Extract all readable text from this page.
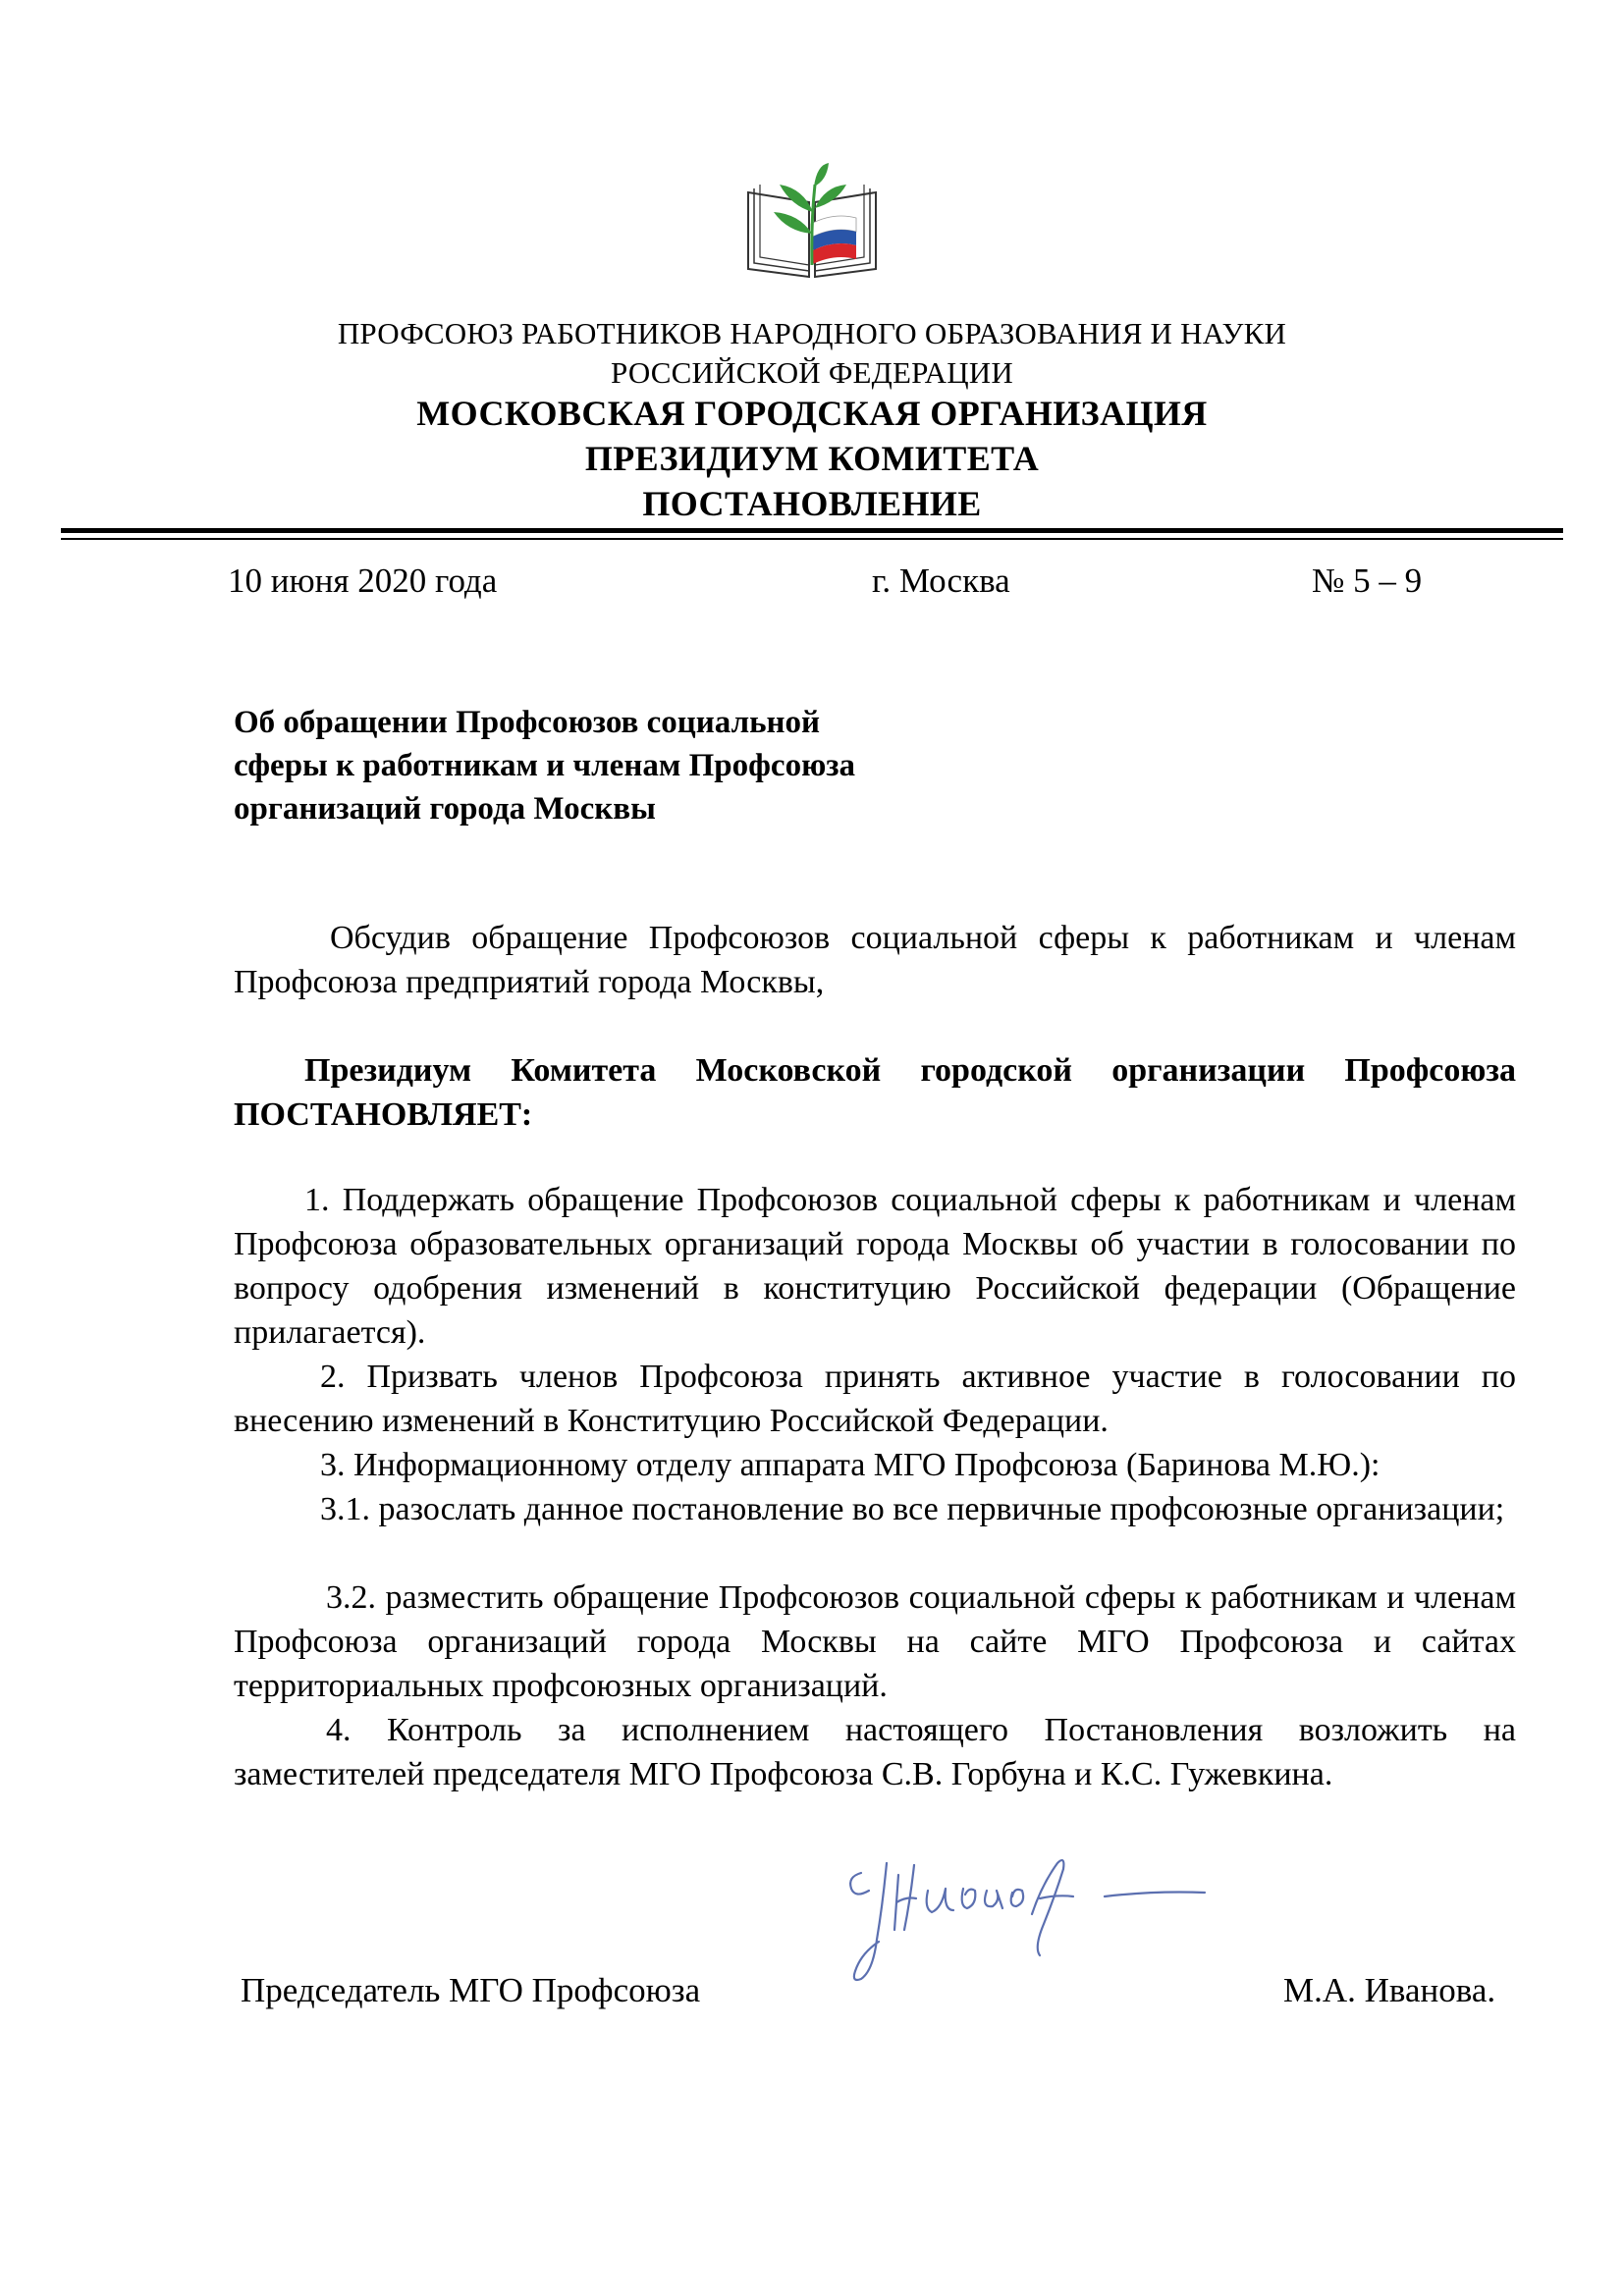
ПРОФСОЮЗ РАБОТНИКОВ НАРОДНОГО ОБРАЗОВАНИЯ И НАУКИ
РОССИЙСКОЙ ФЕДЕРАЦИИ
МОСКОВСКАЯ ГОРОДСКАЯ ОРГАНИЗАЦИЯ
ПРЕЗИДИУМ КОМИТЕТА
ПОСТАНОВЛЕНИЕ
10 июня 2020 года	г. Москва	№ 5 – 9
Об обращении Профсоюзов социальной
сферы к работникам и членам Профсоюза
организаций города Москвы
Обсудив обращение Профсоюзов социальной сферы к работникам и членам Профсоюза предприятий города Москвы,
Президиум Комитета Московской городской организации Профсоюза ПОСТАНОВЛЯЕТ:
1. Поддержать обращение Профсоюзов социальной сферы к работникам и членам Профсоюза образовательных организаций города Москвы об участии в голосовании по вопросу одобрения изменений в конституцию Российской федерации (Обращение прилагается).
2. Призвать членов Профсоюза принять активное участие в голосовании по внесению изменений в Конституцию Российской Федерации.
3. Информационному отделу аппарата МГО Профсоюза (Баринова М.Ю.):
3.1. разослать данное постановление во все первичные профсоюзные организации;
3.2. разместить обращение Профсоюзов социальной сферы к работникам и членам Профсоюза организаций города Москвы на сайте МГО Профсоюза и сайтах территориальных профсоюзных организаций.
4. Контроль за исполнением настоящего Постановления возложить на заместителей председателя МГО Профсоюза С.В. Горбуна и К.С. Гужевкина.
Председатель МГО Профсоюза	М.А. Иванова.
